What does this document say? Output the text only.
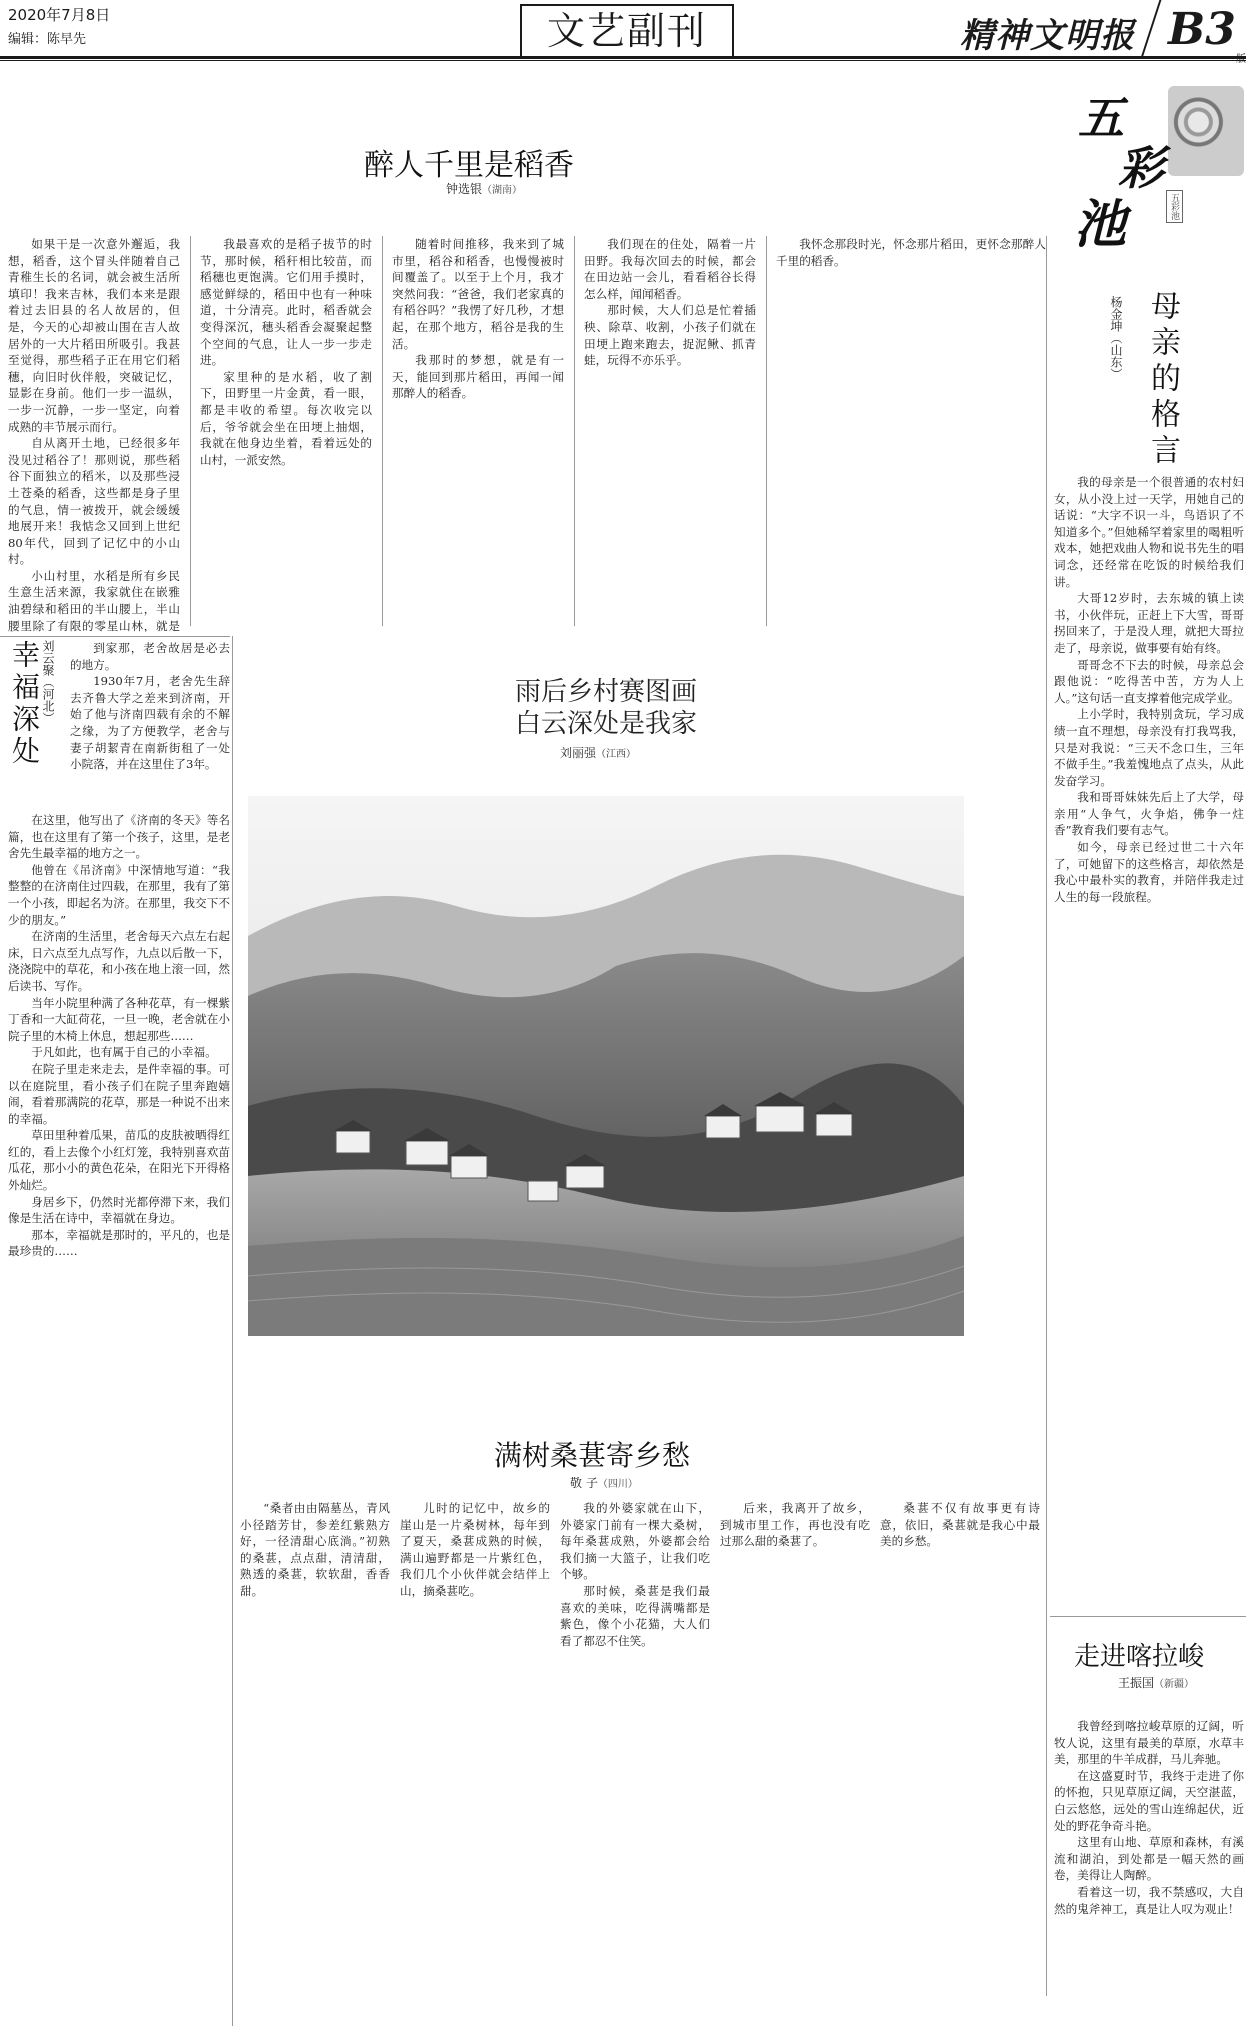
2020年7月8日
编辑：陈早先	文艺副刊	精神文明报 B3
五
彩
池	五彩池
醉人千里是稻香
钟选银（湖南）

如果干是一次意外邂逅，我想，稻香，这个冒头伴随着自己青稚生长的名词，就会被生活所填印！我来吉林，我们本来是跟着过去旧县的名人故居的，但是，今天的心却被山围在吉人故居外的一大片稻田所吸引。我甚至觉得，那些稻子正在用它们稻穗，向旧时伙伴般，突破记忆，显影在身前。他们一步一温纵，一步一沉静，一步一坚定，向着成熟的丰节展示而行。

自从离开土地，已经很多年没见过稻谷了！那则说，那些稻谷下面独立的稻米，以及那些浸土苍桑的稻香，这些都是身子里的气息，情一被拨开，就会缓缓地展开来！我惦念又回到上世纪80年代，回到了记忆中的小山村。

小山村里，水稻是所有乡民生意生活来源，我家就住在嵌雅油碧绿和稻田的半山腰上，半山腰里除了有限的零星山林，就是

我最喜欢的是稻子拔节的时节，那时候，稻秆相比较苗，而稻穗也更饱满。它们用手摸时，感觉鲜绿的，稻田中也有一种味道，十分清亮。此时，稻香就会变得深沉，穗头稻香会凝聚起整个空间的气息，让人一步一步走进。

家里种的是水稻，收了割下，田野里一片金黄，看一眼，都是丰收的希望。每次收完以后，爷爷就会坐在田埂上抽烟，我就在他身边坐着，看着远处的山村，一派安然。

随着时间推移，我来到了城市里，稻谷和稻香，也慢慢被时间覆盖了。以至于上个月，我才突然问我：“爸爸，我们老家真的有稻谷吗？”我愣了好几秒，才想起，在那个地方，稻谷是我的生活。

我那时的梦想，就是有一天，能回到那片稻田，再闻一闻那醉人的稻香。

我们现在的住处，隔着一片田野。我每次回去的时候，都会在田边站一会儿，看看稻谷长得怎么样，闻闻稻香。

那时候，大人们总是忙着插秧、除草、收割，小孩子们就在田埂上跑来跑去，捉泥鳅、抓青蛙，玩得不亦乐乎。

我怀念那段时光，怀念那片稻田，更怀念那醉人千里的稻香。

母亲的格言
杨金坤（山东）

我的母亲是一个很普通的农村妇女，从小没上过一天学，用她自己的话说：“大字不识一斗，鸟语识了不知道多个。”但她稀罕着家里的喝粗听戏本，她把戏曲人物和说书先生的唱词念，还经常在吃饭的时候给我们讲。

大哥12岁时，去东城的镇上读书，小伙伴玩，正赶上下大雪，哥哥拐回来了，于是没人理，就把大哥拉走了，母亲说，做事要有始有终。

哥哥念不下去的时候，母亲总会跟他说：“吃得苦中苦，方为人上人。”这句话一直支撑着他完成学业。

上小学时，我特别贪玩，学习成绩一直不理想，母亲没有打我骂我，只是对我说：“三天不念口生，三年不做手生。”我羞愧地点了点头，从此发奋学习。

我和哥哥妹妹先后上了大学，母亲用“人争气，火争焰，佛争一炷香”教育我们要有志气。

如今，母亲已经过世二十六年了，可她留下的这些格言，却依然是我心中最朴实的教育，并陪伴我走过人生的每一段旅程。

走进喀拉峻
王振国（新疆）

我曾经到喀拉峻草原的辽阔，听牧人说，这里有最美的草原，水草丰美，那里的牛羊成群，马儿奔驰。

在这盛夏时节，我终于走进了你的怀抱，只见草原辽阔，天空湛蓝，白云悠悠，远处的雪山连绵起伏，近处的野花争奇斗艳。

这里有山地、草原和森林，有溪流和湖泊，到处都是一幅天然的画卷，美得让人陶醉。

看着这一切，我不禁感叹，大自然的鬼斧神工，真是让人叹为观止！

幸福深处 刘云聚（河北）

到家那，老舍故居是必去的地方。

1930年7月，老舍先生辞去齐鲁大学之差来到济南，开始了他与济南四载有余的不解之缘，为了方便教学，老舍与妻子胡絜青在南新街租了一处小院落，并在这里住了3年。

在这里，他写出了《济南的冬天》等名篇，也在这里有了第一个孩子，这里，是老舍先生最幸福的地方之一。

他曾在《吊济南》中深情地写道：“我整整的在济南住过四载，在那里，我有了第一个小孩，即起名为济。在那里，我交下不少的朋友。”

在济南的生活里，老舍每天六点左右起床，日六点至九点写作，九点以后散一下，浇浇院中的草花，和小孩在地上滚一回，然后读书、写作。

当年小院里种满了各种花草，有一棵紫丁香和一大缸荷花，一旦一晚，老舍就在小院子里的木椅上休息，想起那些……

于凡如此，也有属于自己的小幸福。

在院子里走来走去，是件幸福的事。可以在庭院里，看小孩子们在院子里奔跑嬉闹，看着那满院的花草，那是一种说不出来的幸福。

草田里种着瓜果，苗瓜的皮肤被晒得红红的，看上去像个小红灯笼，我特别喜欢苗瓜花，那小小的黄色花朵，在阳光下开得格外灿烂。

身居乡下，仍然时光都停滞下来，我们像是生活在诗中，幸福就在身边。

那本，幸福就是那时的，平凡的，也是最珍贵的……

雨后乡村赛图画
白云深处是我家
刘丽强（江西）
满树桑葚寄乡愁
敬 子（四川）

“桑者由由隔墓丛，青风小径踏芳甘，参差红紫熟方好，一径清甜心底淌。”初熟的桑葚，点点甜，清清甜，熟透的桑葚，软软甜，香香甜。

儿时的记忆中，故乡的崖山是一片桑树林，每年到了夏天，桑葚成熟的时候，满山遍野都是一片紫红色，我们几个小伙伴就会结伴上山，摘桑葚吃。

我的外婆家就在山下，外婆家门前有一棵大桑树，每年桑葚成熟，外婆都会给我们摘一大篮子，让我们吃个够。

那时候，桑葚是我们最喜欢的美味，吃得满嘴都是紫色，像个小花猫，大人们看了都忍不住笑。

后来，我离开了故乡，到城市里工作，再也没有吃过那么甜的桑葚了。

桑葚不仅有故事更有诗意，依旧，桑葚就是我心中最美的乡愁。
